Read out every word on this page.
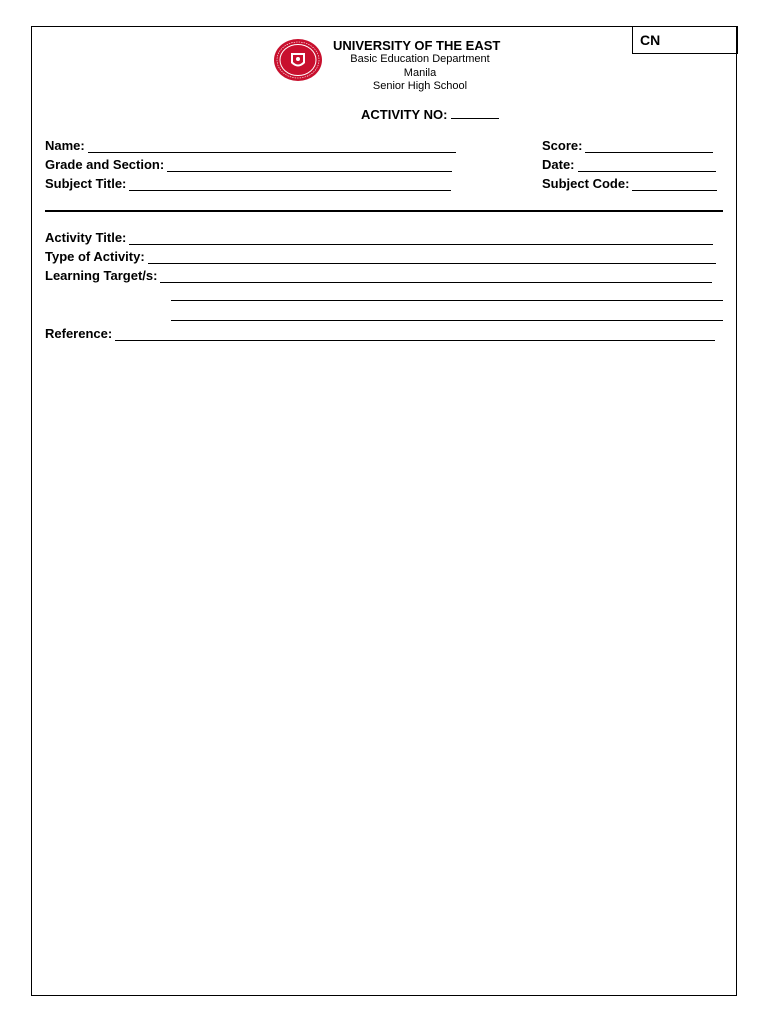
CN
UNIVERSITY OF THE EAST
Basic Education Department
Manila
Senior High School
ACTIVITY NO:
Name:
Grade and Section:
Subject Title:
Score:
Date:
Subject Code:
Activity Title:
Type of Activity:
Learning Target/s:
Reference:
